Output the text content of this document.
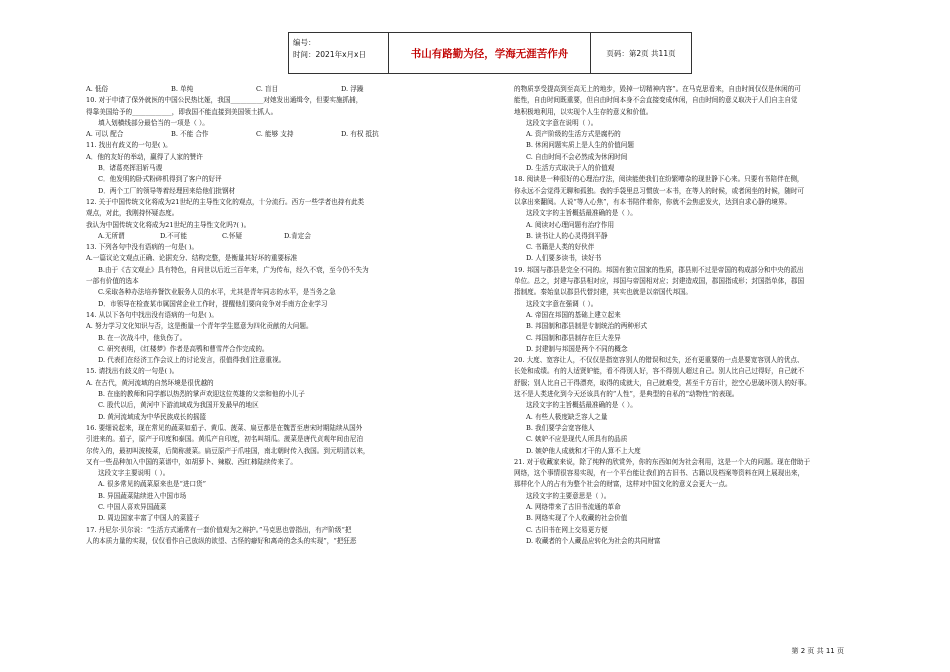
编号：
时间：2021年x月x日	书山有路勤为径，学海无涯苦作舟	页码：第2页 共11页
A. 低俗	B. 单纯	C. 盲目	D. 浮躁
10. 对于申请了保外就医的中国公民热比娅，我国__________对她发出通缉令，但要实施抓捕，
得靠美国给予的____________，即我国不能直接到美国领土抓人。
填入划横线部分最恰当的一项是（ ）。
A. 可以 配合	B. 不能 合作	C. 能够 支持	D. 有权 抵抗
11. 找出有歧义的一句是( )。
A．他的友好的举动，赢得了人家的赞许
B．诸葛亮挥泪斩马谡
C．他发明的卧式粉碎机得到了客户的好评
D．两个工厂的领导等着经理回来给他们批钢材
12. 关于中国传统文化将成为21世纪的主导性文化的观点，十分流行。西方一些学者也持有此类
观点，对此，我刚持怀疑态度。
我认为中国传统文化将成为21世纪的主导性文化吗?( )。
A.无所谓	D.不可能	C.怀疑	D.肯定会
13. 下列各句中没有语病的一句是( )。
A.一篇议论文观点正确、论据充分、结构完整，是衡量其好坏的重要标准
B.由于《古文观止》具有特色，自问世以后近三百年来，广为传布，经久不衰，至今仍不失为
一部有价值的选本
C.采取各种办法培养餐饮业服务人员的水平，尤其是青年同志的水平，是当务之急
D．市领导在检查某市属国营企业工作时，提醒他们要向竞争对手南方企业学习
14. 从以下各句中找出没有语病的一句是( )。
A. 努力学习文化知识与否，这是衡量一个青年学生愿意为四化贡献的大问题。
B. 在一次战斗中，他负伤了。
C. 研究表明，《红楼梦》作者是高鹗和曹雪芹合作完成的。
D. 代表们在经济工作会议上的讨论发言，很值得我们注意重视。
15. 请找出有歧义的一句是( )。
A. 在古代，黄河流域的自然环境是很优越的
B. 在座的教师和同学都以热烈的掌声欢迎这位英雄的父亲和他的小儿子
C. 股代以后，黄河中下游流域成为我国开发最早的地区
D. 黄河流域成为中华民族成长的摇篮
16. 要细说起来，现在常见的蔬菜如茄子、黄瓜、菠菜、扁豆都是在魏晋至唐宋时期陆续从国外
引进来的。茄子，原产于印度和泰国。黄瓜产自印度，初名叫胡瓜。菠菜是唐代贞观年间由尼泊
尔传入的，最初叫波棱菜，后简称菠菜。扁豆原产于爪哇国，南北朝时传入我国。到元明清以来，
又有一些品种加入中国的菜谱中，如胡萝卜、辣椒、西红柿陆续传来了。
这段文字主要说明（ ）。
A. 很多常见的蔬菜原来也是“进口货”
B. 异国蔬菜陆续进入中国市场
C. 中国人喜欢异国蔬菜
D. 周边国家丰富了中国人的菜篮子
17. 丹尼尔·贝尔说：“生活方式通常有一套价值观为之辩护。”马克思也曾指出，有产阶级“把
人的本质力量的实现，仅仅看作自己放纵的欲望、古怪的癖好和离奇的念头的实现”，“把狂恶
的物质享受提高到至高无上的地步，毁掉一切精神内容”。在马克思看来，自由时间仅仅是休闲的可
能性，自由时间既重要，但自由时间本身不会直接变成休闲，自由时间的意义取决于人们自主自觉
地积极地利用，以实现个人生存的意义和价值。
这段文字意在说明（ ）。
A. 资产阶级的生活方式是腐朽的
B. 休闲问题实质上是人生的价值问题
C. 自由时间不会必然成为休闲时间
D. 生活方式取决于人的价值观
18. 阅读是一种很好的心理治疗法，阅读能使我们在纷繁嘈杂的现世静下心来。只要有书陪伴在侧，
你永远不会觉得无聊和孤独。我的手袋里总习惯放一本书，在等人的时候，或者闲坐的时候，随时可
以拿出来翻阅。人说“等人心焦”，有本书陪伴着你，你就不会焦虑发火，达到自求心静的境界。
这段文字的主旨概括最准确的是（ ）。
A. 阅读对心理问题有治疗作用
B. 读书让人的心灵得到平静
C. 书籍是人类的好伙伴
D. 人们要多读书，读好书
19. 邦国与郡县是完全不同的。邦国有独立国家的性质，郡县则不过是帝国的构成部分和中央的派出
单位。总之，封建与郡县相对应，邦国与帝国相对应；封建造成国，郡国指成形；封国指单体，郡国
指制度。秦始皇以郡县代替封建，其实也就是以帝国代邦国。
这段文字意在强调（ ）。
A. 帝国在邦国的基础上建立起来
B. 邦国制和郡县制是专制统治的两种形式
C. 邦国制和郡县制存在巨大差异
D. 封建制与邦国是两个不同的概念
20. 大度、宽容让人，不仅仅是指宽容别人的错误和过失，还有更重要的一点是要宽容别人的优点、
长处和成绩。有的人适贤妒能，看不得别人好，容不得别人超过自己。别人比自己过得好，自己就不
舒服；别人比自己干得漂亮，取得的成就大，自己就难受，甚至千方百计，挖空心思破坏别人的好事。
这不是人类进化到今天还该具有的“人性”，是典型的自私的“动物性”的表现。
这段文字的主旨概括最准确的是（ ）。
A. 有些人极度缺乏容人之量
B. 我们要学会宽容他人
C. 嫉妒不应是现代人所具有的品质
D. 嫉妒他人成就和才干的人算不上大度
21. 对于收藏家来说，除了纯粹的欣赏外，你的东西如何为社会利用，这是一个大的问题。现在借助于
网络，这个事情很容易实现，有一个平台能让我们的古旧书、古籍以及档案等资料在网上展现出来，
那样化个人的占有为整个社会的财富，这样对中国文化的意义会更大一点。
这段文字的主要意思是（ ）。
A. 网络带来了古旧书流通的革命
B. 网络实现了个人收藏的社会价值
C. 古旧书在网上交易更方便
D. 收藏者的个人藏品应转化为社会的共同财富
第 2 页 共 11 页
